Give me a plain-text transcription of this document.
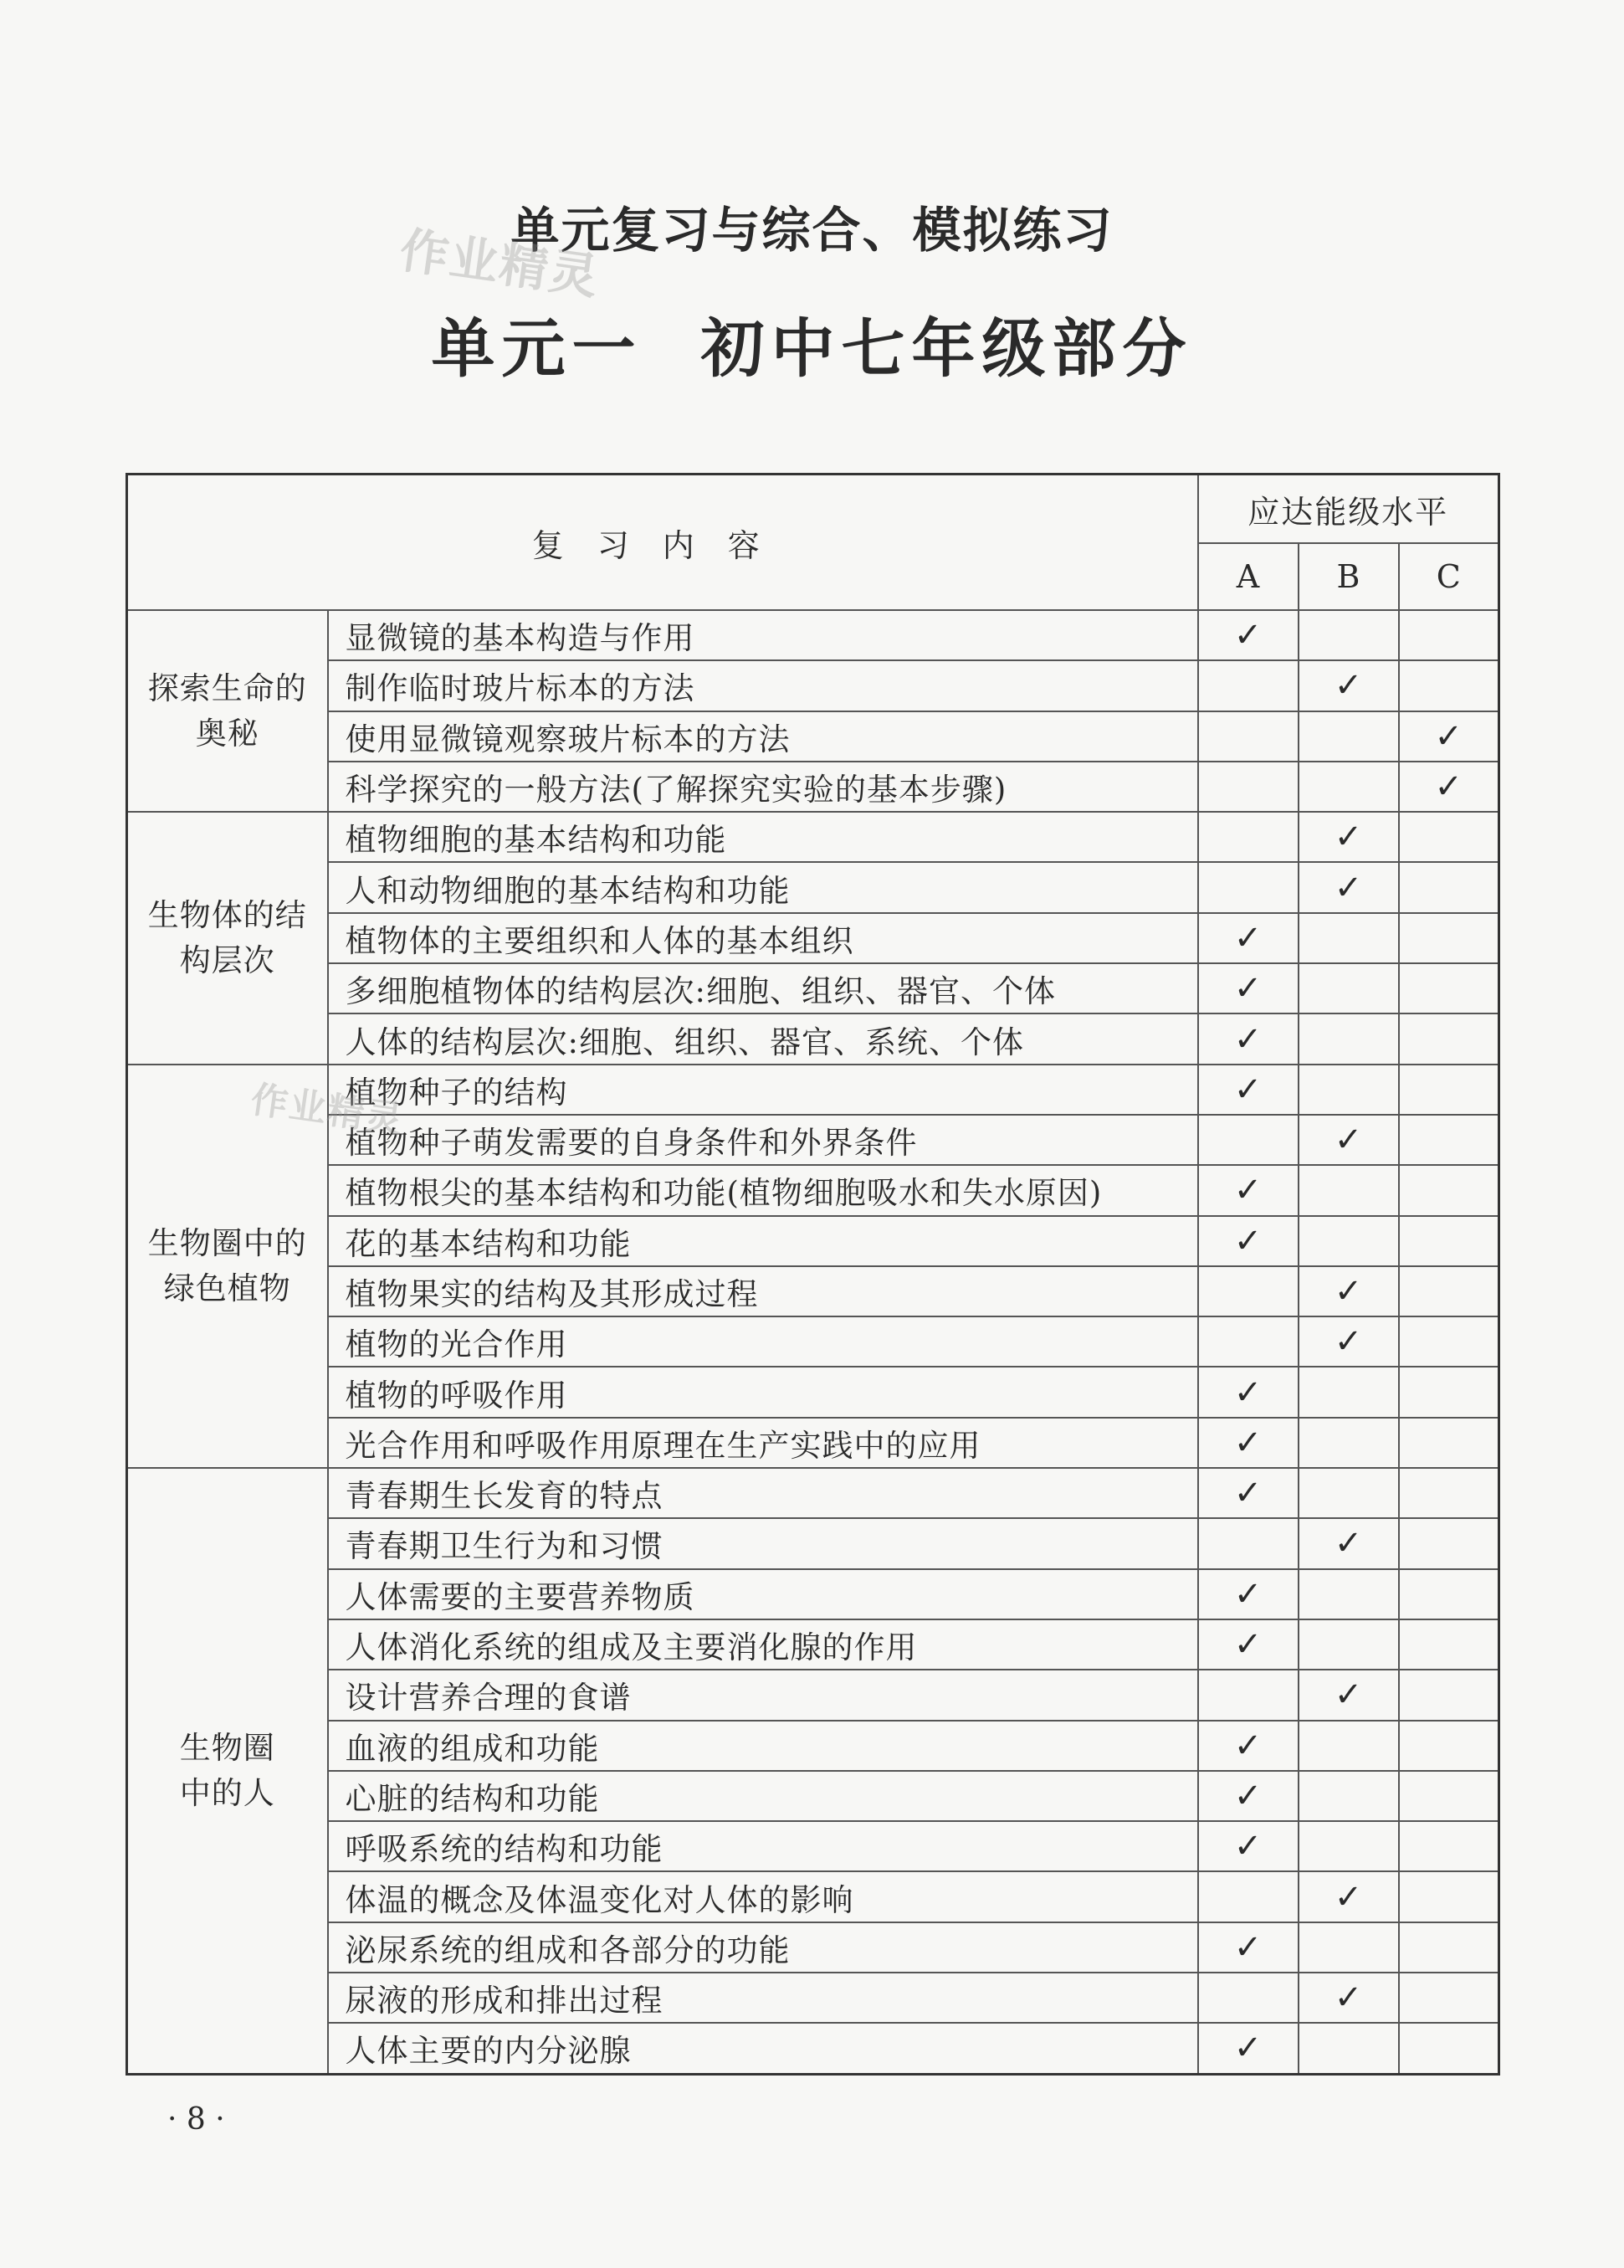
单元复习与综合、模拟练习
作业精灵
单元一 初中七年级部分
复习内容		应达能级水平		
		A	B	C

探索生命的
奥秘	显微镜的基本构造与作用	✓		
	制作临时玻片标本的方法		✓	
	使用显微镜观察玻片标本的方法			✓
	科学探究的一般方法(了解探究实验的基本步骤)			✓

生物体的结
构层次	植物细胞的基本结构和功能		✓	
	人和动物细胞的基本结构和功能		✓	
	植物体的主要组织和人体的基本组织	✓		
	多细胞植物体的结构层次:细胞、组织、器官、个体	✓		
	人体的结构层次:细胞、组织、器官、系统、个体	✓		

生物圈中的
绿色植物	植物种子的结构	✓		
	植物种子萌发需要的自身条件和外界条件		✓	
	植物根尖的基本结构和功能(植物细胞吸水和失水原因)	✓		
	花的基本结构和功能	✓		
	植物果实的结构及其形成过程		✓	
	植物的光合作用		✓	
	植物的呼吸作用	✓		
	光合作用和呼吸作用原理在生产实践中的应用	✓		

生物圈
中的人	青春期生长发育的特点	✓		
	青春期卫生行为和习惯		✓	
	人体需要的主要营养物质	✓		
	人体消化系统的组成及主要消化腺的作用	✓		
	设计营养合理的食谱		✓	
	血液的组成和功能	✓		
	心脏的结构和功能	✓		
	呼吸系统的结构和功能	✓		
	体温的概念及体温变化对人体的影响		✓	
	泌尿系统的组成和各部分的功能	✓		
	尿液的形成和排出过程		✓	
	人体主要的内分泌腺	✓		
作业精灵
· 8 ·
